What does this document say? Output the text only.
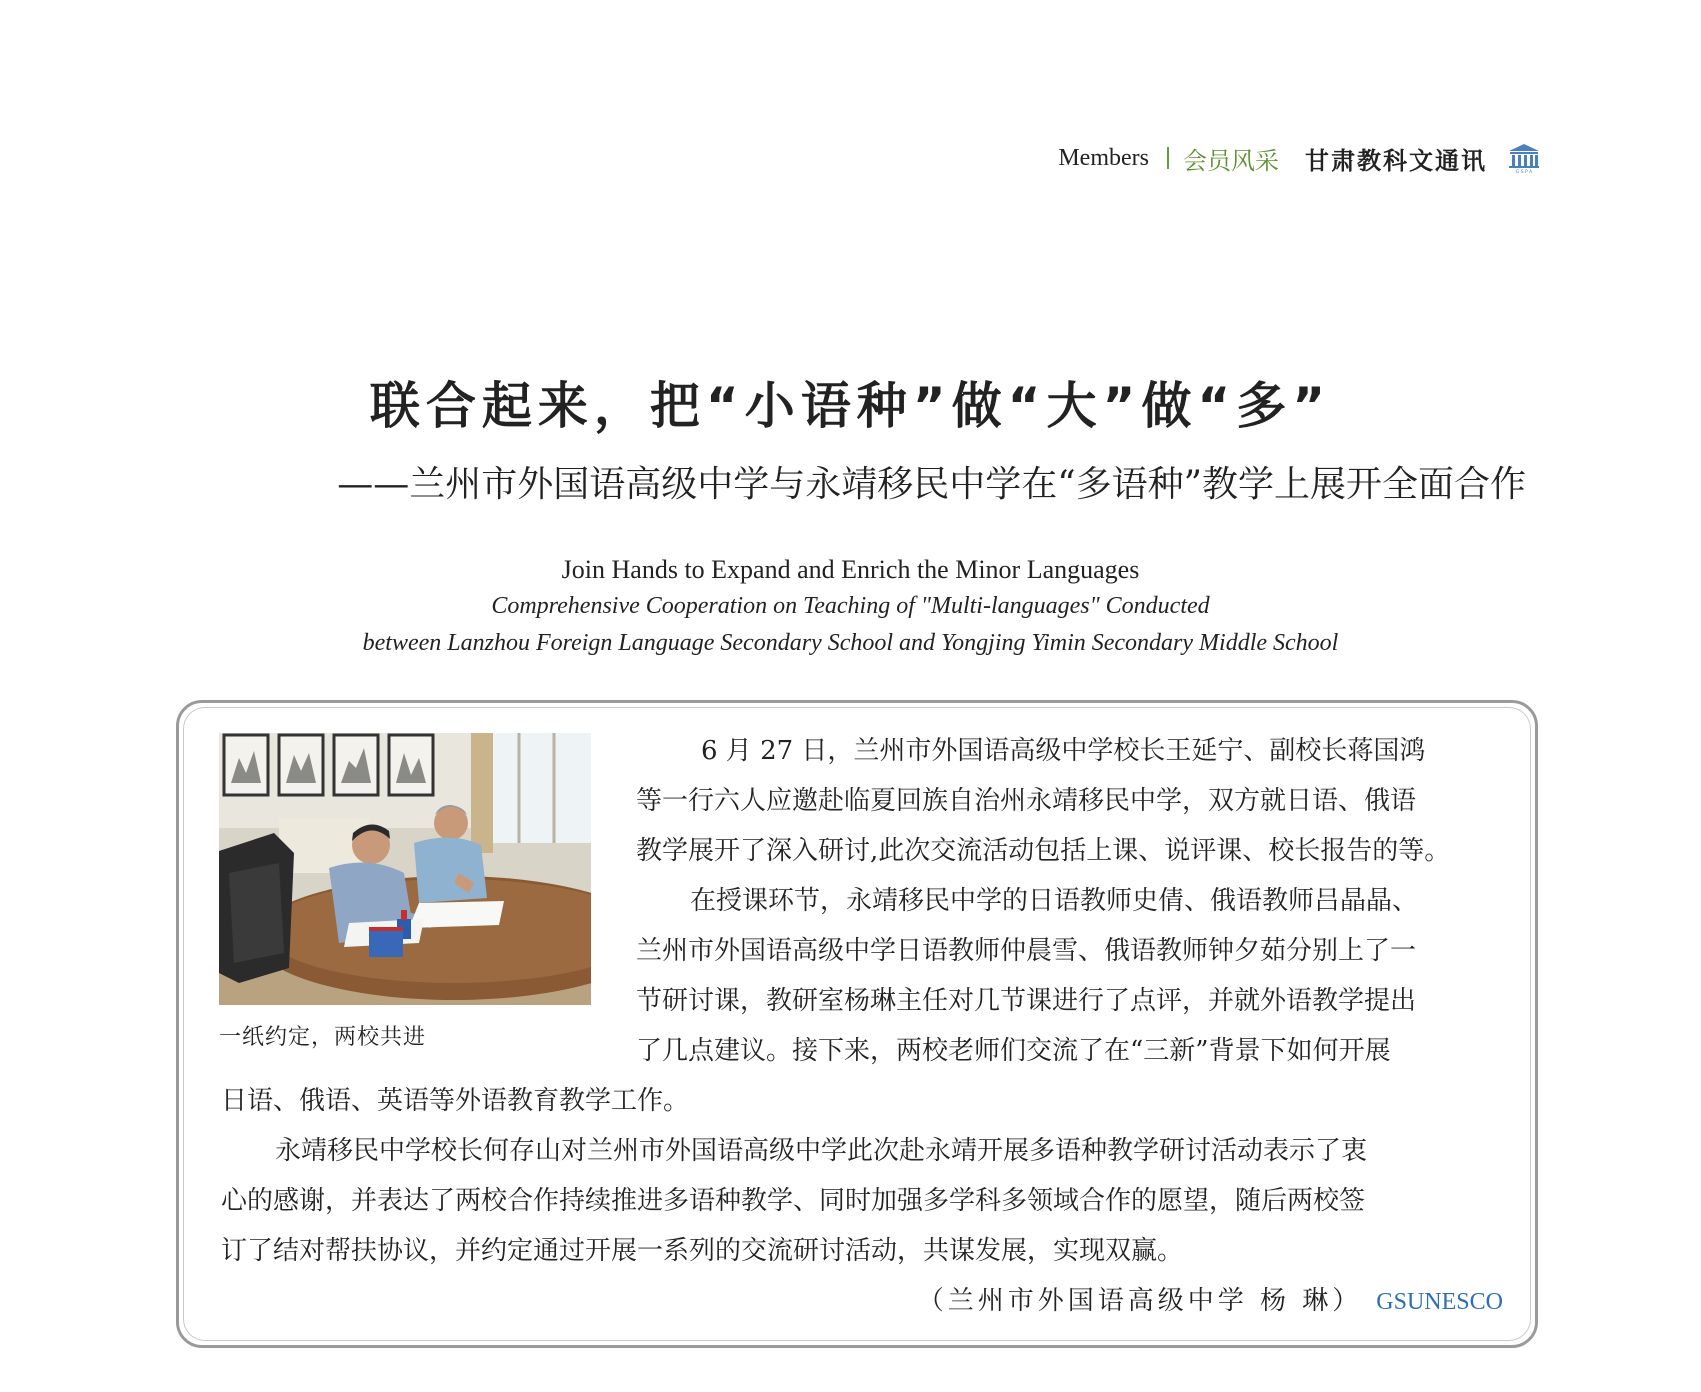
Members 会员风采 甘肃教科文通讯	G S P A
联合起来，把“小语种”做“大”做“多”
——兰州市外国语高级中学与永靖移民中学在“多语种”教学上展开全面合作
Join Hands to Expand and Enrich the Minor Languages
Comprehensive Cooperation on Teaching of "Multi-languages" Conducted
between Lanzhou Foreign Language Secondary School and Yongjing Yimin Secondary Middle School
一纸约定，两校共进
6 月 27 日，兰州市外国语高级中学校长王延宁、副校长蒋国鸿
等一行六人应邀赴临夏回族自治州永靖移民中学，双方就日语、俄语
教学展开了深入研讨,此次交流活动包括上课、说评课、校长报告的等。
在授课环节，永靖移民中学的日语教师史倩、俄语教师吕晶晶、
兰州市外国语高级中学日语教师仲晨雪、俄语教师钟夕茹分别上了一
节研讨课，教研室杨琳主任对几节课进行了点评，并就外语教学提出
了几点建议。接下来，两校老师们交流了在“三新”背景下如何开展
日语、俄语、英语等外语教育教学工作。
永靖移民中学校长何存山对兰州市外国语高级中学此次赴永靖开展多语种教学研讨活动表示了衷
心的感谢，并表达了两校合作持续推进多语种教学、同时加强多学科多领域合作的愿望，随后两校签
订了结对帮扶协议，并约定通过开展一系列的交流研讨活动，共谋发展，实现双赢。
（兰州市外国语高级中学 杨 琳） GSUNESCO
